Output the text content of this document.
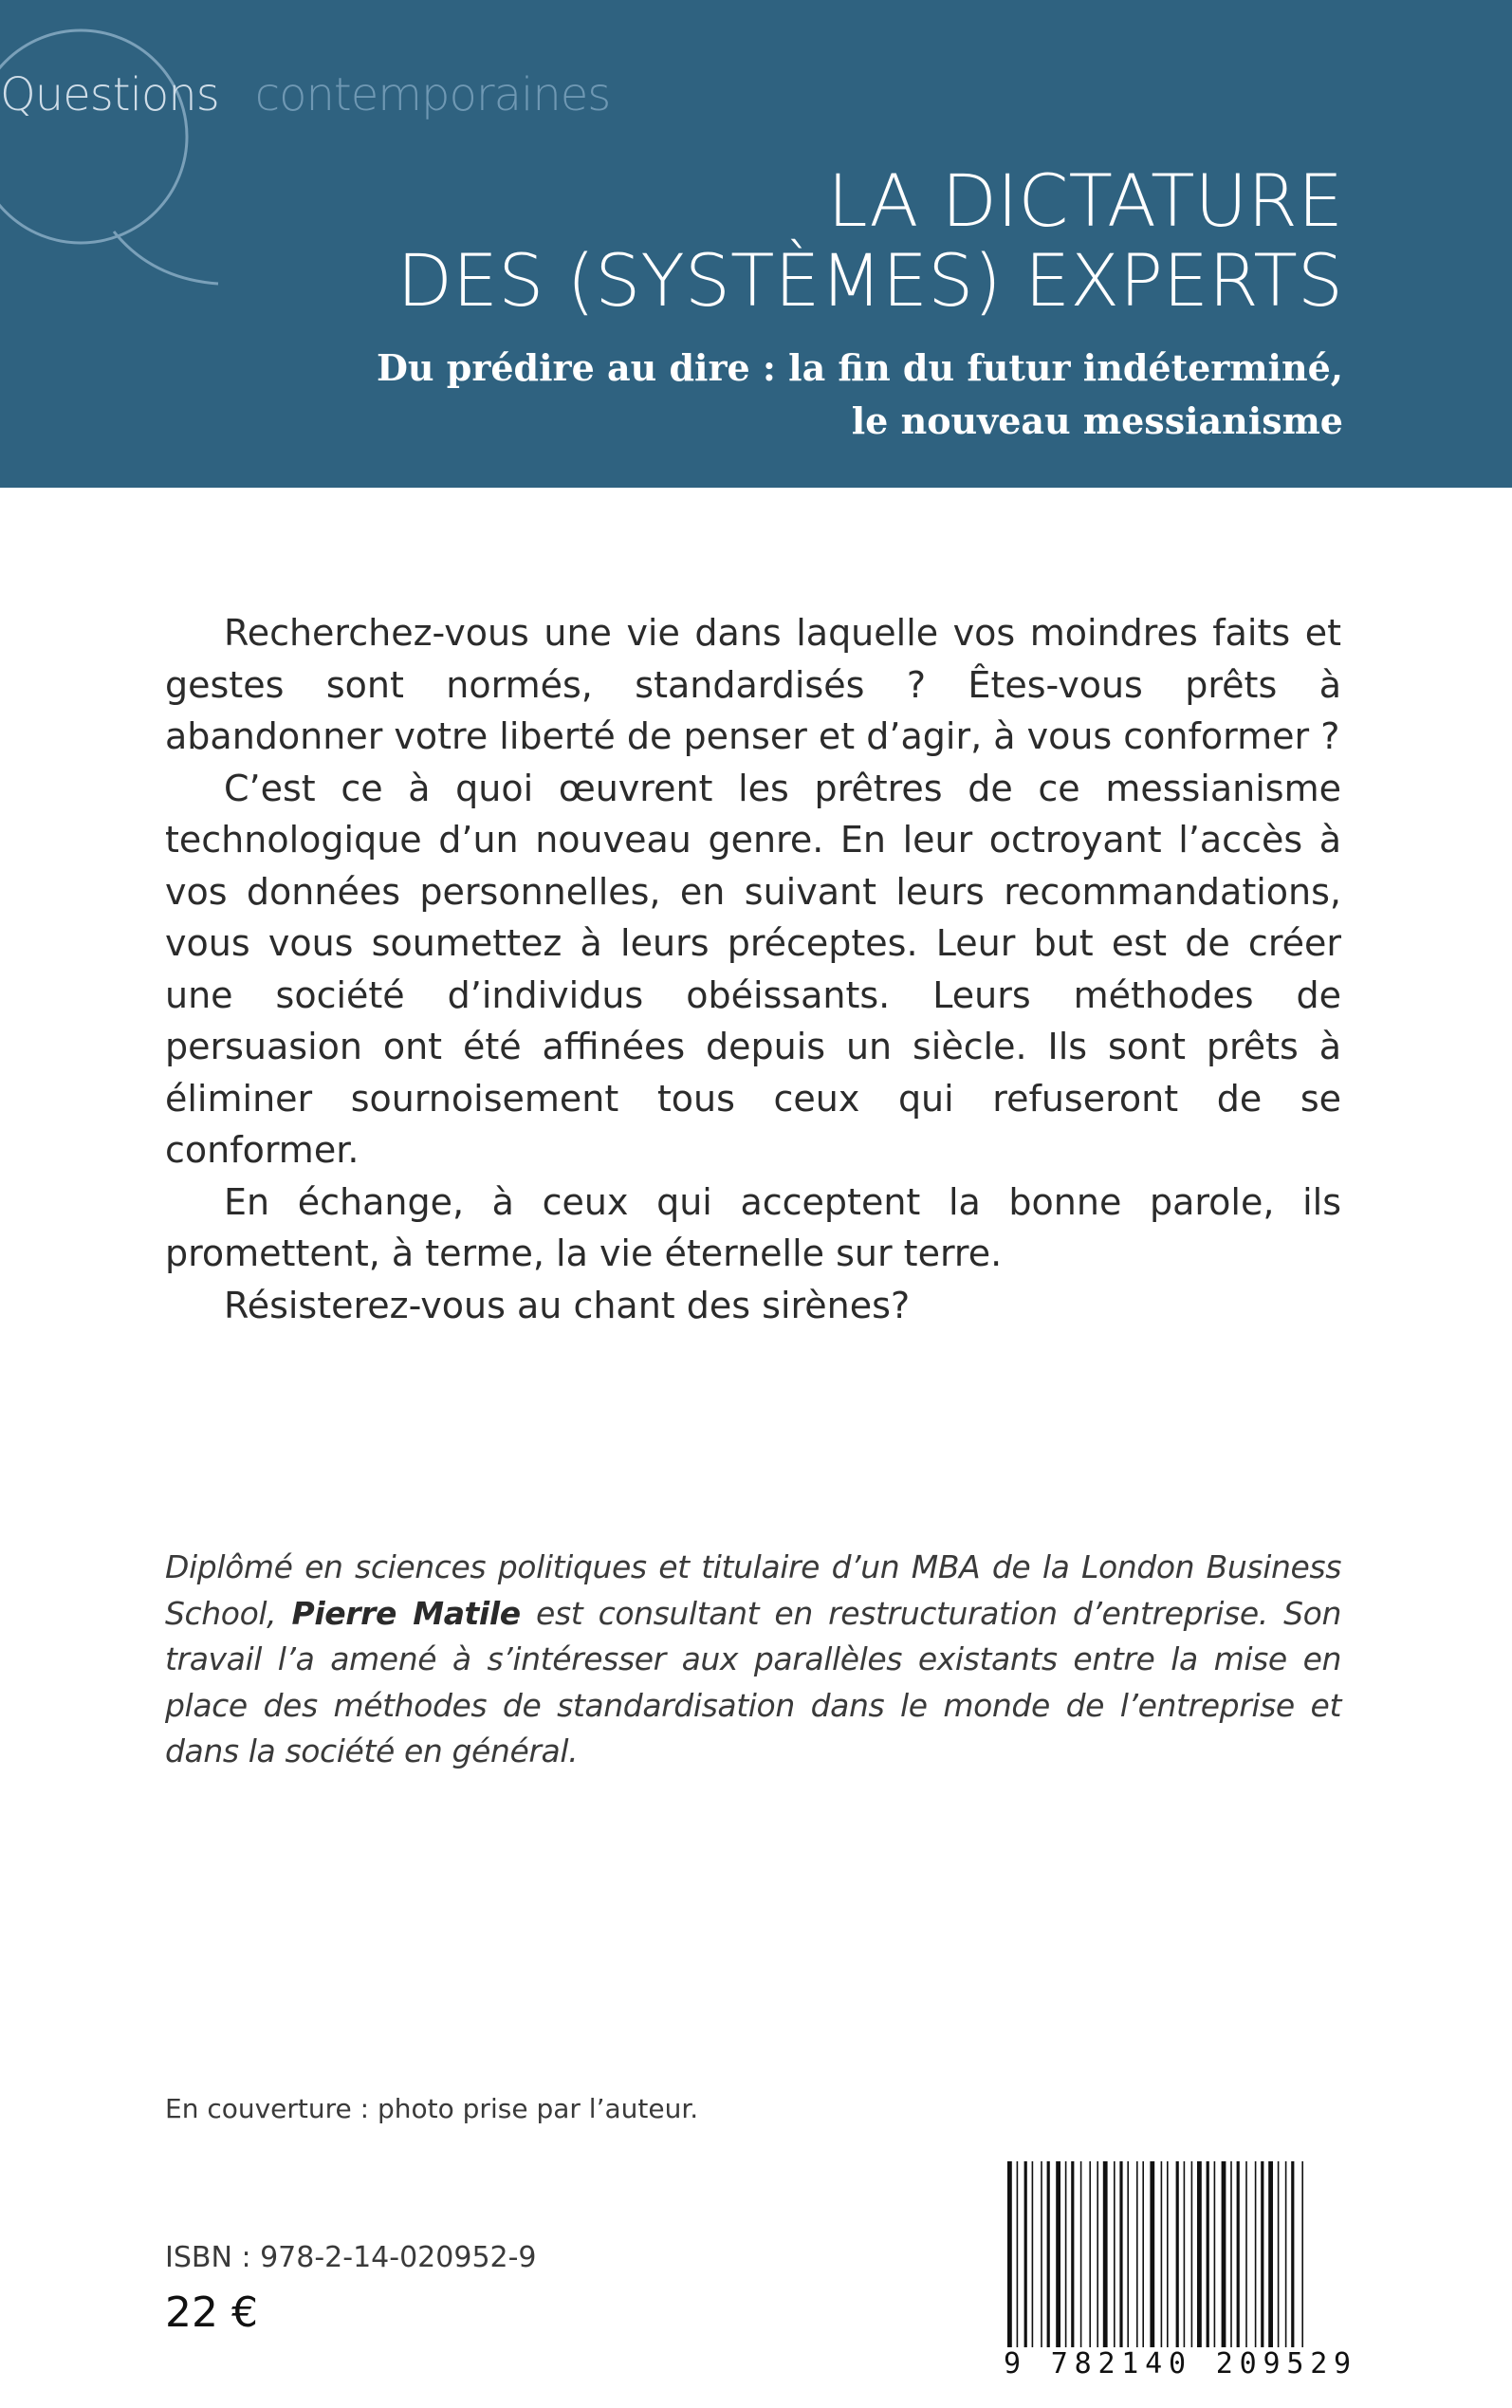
Questions contemporaines
LA DICTATURE
DES (SYSTÈMES) EXPERTS
Du prédire au dire : la fin du futur indéterminé,
le nouveau messianisme

Recherchez-vous une vie dans laquelle vos moindres faits et gestes sont normés, standardisés ? Êtes-vous prêts à abandonner votre liberté de penser et d’agir, à vous conformer ?

C’est ce à quoi œuvrent les prêtres de ce messianisme technologique d’un nouveau genre. En leur octroyant l’accès à vos données personnelles, en suivant leurs recommandations, vous vous soumettez à leurs préceptes. Leur but est de créer une société d’individus obéissants. Leurs méthodes de persuasion ont été affinées depuis un siècle. Ils sont prêts à éliminer sournoisement tous ceux qui refuseront de se conformer.

En échange, à ceux qui acceptent la bonne parole, ils promettent, à terme, la vie éternelle sur terre.

Résisterez-vous au chant des sirènes?

Diplômé en sciences politiques et titulaire d’un MBA de la London Business School, Pierre Matile est consultant en restructuration d’entreprise. Son travail l’a amené à s’intéresser aux parallèles existants entre la mise en place des méthodes de standardisation dans le monde de l’entreprise et dans la société en général.
En couverture : photo prise par l’auteur.
ISBN : 978-2-14-020952-9
22 €
9 782140 209529
